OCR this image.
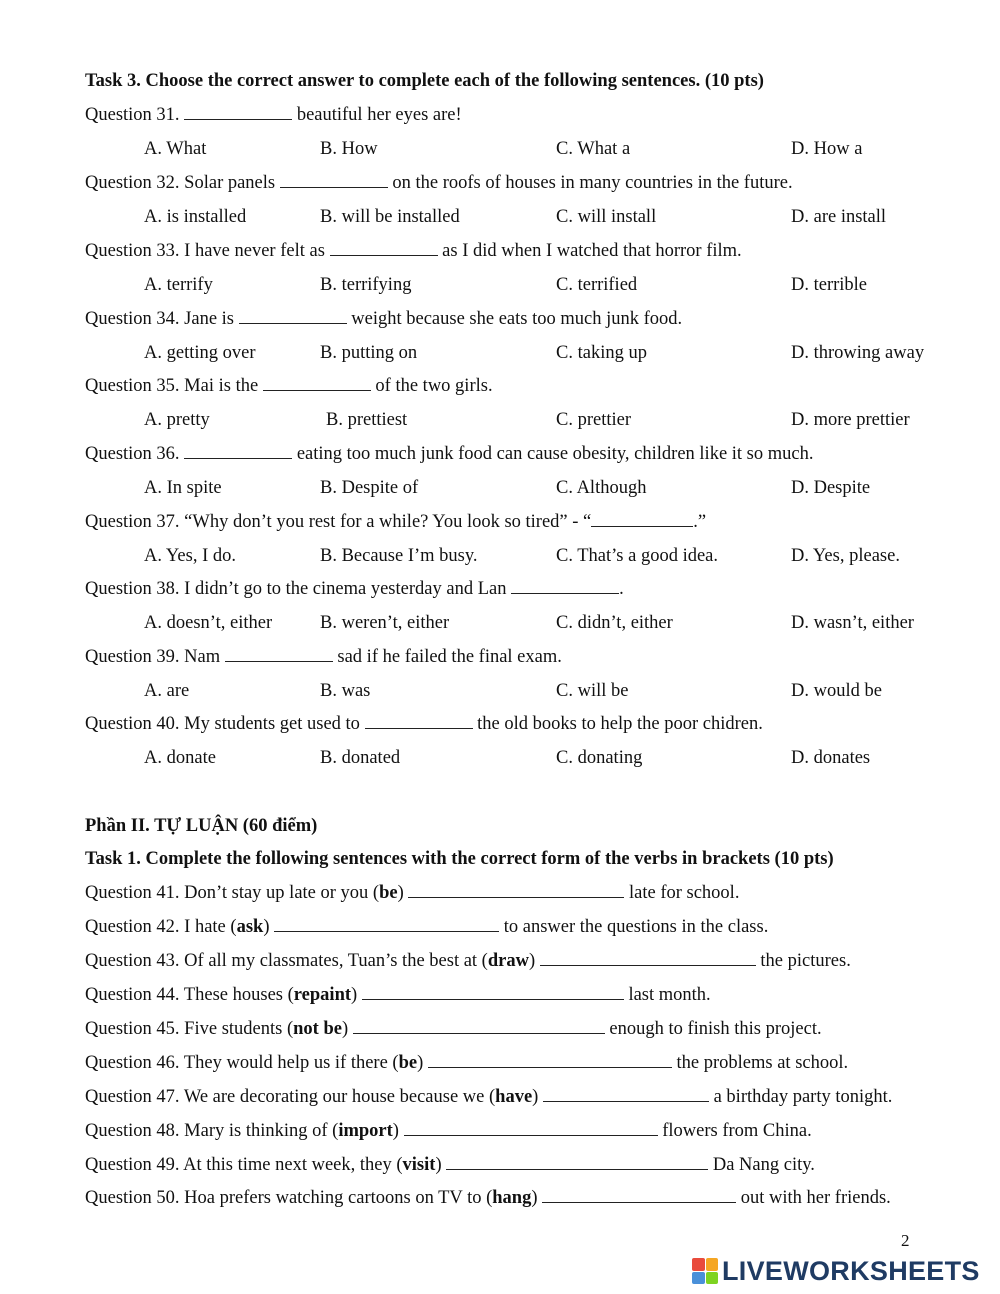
Task 3. Choose the correct answer to complete each of the following sentences. (10 pts)
Question 31.	beautiful her eyes are!
A. What	B. How	C. What a	D. How a
Question 32. Solar panels	on the roofs of houses in many countries in the future.
A. is installed	B. will be installed	C. will install	D. are install
Question 33. I have never felt as	as I did when I watched that horror film.
A. terrify	B. terrifying	C. terrified	D. terrible
Question 34. Jane is	weight because she eats too much junk food.
A. getting over	B. putting on	C. taking up	D. throwing away
Question 35. Mai is the	of the two girls.
A. pretty	B. prettiest	C. prettier	D. more prettier
Question 36.	eating too much junk food can cause obesity, children like it so much.
A. In spite	B. Despite of	C. Although	D. Despite
Question 37. “Why don’t you rest for a while? You look so tired” - “	.”
A. Yes, I do.	B. Because I’m busy.	C. That’s a good idea.	D. Yes, please.
Question 38. I didn’t go to the cinema yesterday and Lan	.
A. doesn’t, either	B. weren’t, either	C. didn’t, either	D. wasn’t, either
Question 39. Nam	sad if he failed the final exam.
A. are	B. was	C. will be	D. would be
Question 40. My students get used to	the old books to help the poor chidren.
A. donate	B. donated	C. donating	D. donates
Phần II. TỰ LUẬN (60 điểm)
Task 1. Complete the following sentences with the correct form of the verbs in brackets (10 pts)
Question 41. Don’t stay up late or you (be)	late for school.
Question 42. I hate (ask)	to answer the questions in the class.
Question 43. Of all my classmates, Tuan’s the best at (draw)	the pictures.
Question 44. These houses (repaint)	last month.
Question 45. Five students (not be)	enough to finish this project.
Question 46. They would help us if there (be)	the problems at school.
Question 47. We are decorating our house because we (have)	a birthday party tonight.
Question 48. Mary is thinking of (import)	flowers from China.
Question 49. At this time next week, they (visit)	Da Nang city.
Question 50. Hoa prefers watching cartoons on TV to (hang)	out with her friends.
2
LIVEWORKSHEETS
